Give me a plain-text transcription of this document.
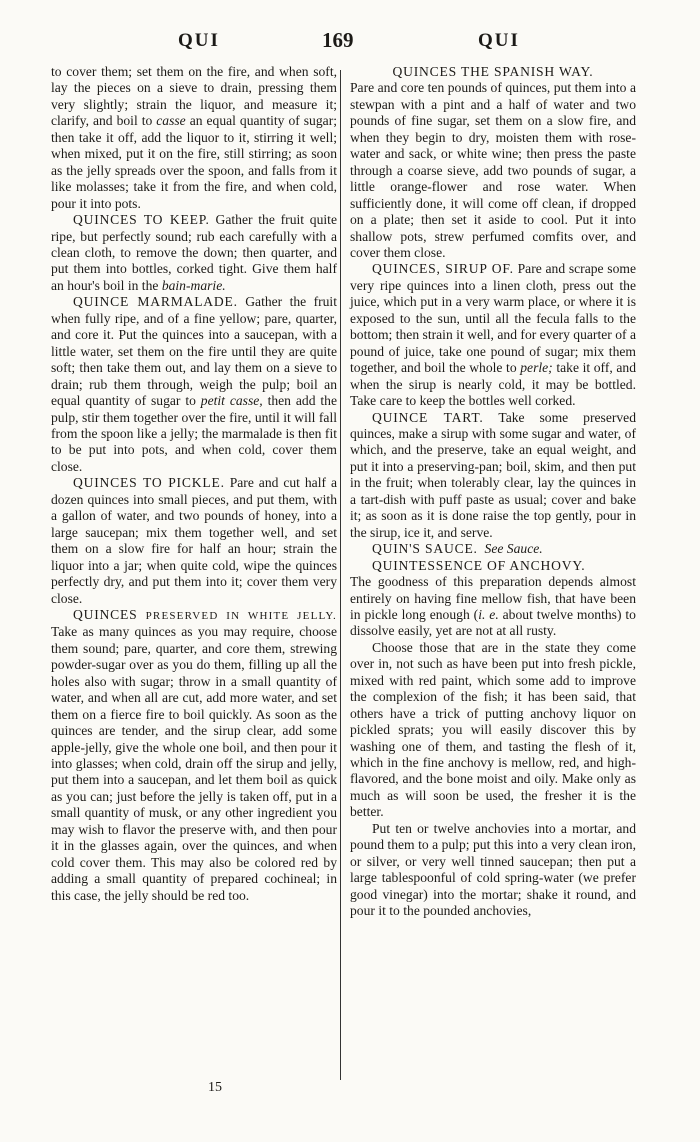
QUI	169	QUI

to cover them; set them on the fire, and when soft, lay the pieces on a sieve to drain, pressing them very slightly; strain the liquor, and measure it; clarify, and boil to casse an equal quantity of sugar; then take it off, add the liquor to it, stirring it well; when mixed, put it on the fire, still stirring; as soon as the jelly spreads over the spoon, and falls from it like molasses; take it from the fire, and when cold, pour it into pots.

QUINCES TO KEEP. Gather the fruit quite ripe, but perfectly sound; rub each carefully with a clean cloth, to remove the down; then quarter, and put them into bottles, corked tight. Give them half an hour's boil in the bain-marie.

QUINCE MARMALADE. Gather the fruit when fully ripe, and of a fine yellow; pare, quarter, and core it. Put the quinces into a saucepan, with a little water, set them on the fire until they are quite soft; then take them out, and lay them on a sieve to drain; rub them through, weigh the pulp; boil an equal quantity of sugar to petit casse, then add the pulp, stir them together over the fire, until it will fall from the spoon like a jelly; the marmalade is then fit to be put into pots, and when cold, cover them close.

QUINCES TO PICKLE. Pare and cut half a dozen quinces into small pieces, and put them, with a gallon of water, and two pounds of honey, into a large saucepan; mix them together well, and set them on a slow fire for half an hour; strain the liquor into a jar; when quite cold, wipe the quinces perfectly dry, and put them into it; cover them very close.

QUINCES PRESERVED IN WHITE JELLY. Take as many quinces as you may require, choose them sound; pare, quarter, and core them, strewing powder-sugar over as you do them, filling up all the holes also with sugar; throw in a small quantity of water, and when all are cut, add more water, and set them on a fierce fire to boil quickly. As soon as the quinces are tender, and the sirup clear, add some apple-jelly, give the whole one boil, and then pour it into glasses; when cold, drain off the sirup and jelly, put them into a saucepan, and let them boil as quick as you can; just before the jelly is taken off, put in a small quantity of musk, or any other ingredient you may wish to flavor the preserve with, and then pour it in the glasses again, over the quinces, and when cold cover them. This may also be colored red by adding a small quantity of prepared cochineal; in this case, the jelly should be red too.

QUINCES THE SPANISH WAY.
Pare and core ten pounds of quinces, put them into a stewpan with a pint and a half of water and two pounds of fine sugar, set them on a slow fire, and when they begin to dry, moisten them with rose-water and sack, or white wine; then press the paste through a coarse sieve, add two pounds of sugar, a little orange-flower and rose water. When sufficiently done, it will come off clean, if dropped on a plate; then set it aside to cool. Put it into shallow pots, strew perfumed comfits over, and cover them close.

QUINCES, SIRUP OF. Pare and scrape some very ripe quinces into a linen cloth, press out the juice, which put in a very warm place, or where it is exposed to the sun, until all the fecula falls to the bottom; then strain it well, and for every quarter of a pound of juice, take one pound of sugar; mix them together, and boil the whole to perle; take it off, and when the sirup is nearly cold, it may be bottled. Take care to keep the bottles well corked.

QUINCE TART. Take some preserved quinces, make a sirup with some sugar and water, of which, and the preserve, take an equal weight, and put it into a preserving-pan; boil, skim, and then put in the fruit; when tolerably clear, lay the quinces in a tart-dish with puff paste as usual; cover and bake it; as soon as it is done raise the top gently, pour in the sirup, ice it, and serve.

QUIN'S SAUCE. See Sauce.

QUINTESSENCE OF ANCHOVY.

The goodness of this preparation depends almost entirely on having fine mellow fish, that have been in pickle long enough (i. e. about twelve months) to dissolve easily, yet are not at all rusty.

Choose those that are in the state they come over in, not such as have been put into fresh pickle, mixed with red paint, which some add to improve the complexion of the fish; it has been said, that others have a trick of putting anchovy liquor on pickled sprats; you will easily discover this by washing one of them, and tasting the flesh of it, which in the fine anchovy is mellow, red, and high-flavored, and the bone moist and oily. Make only as much as will soon be used, the fresher it is the better.

Put ten or twelve anchovies into a mortar, and pound them to a pulp; put this into a very clean iron, or silver, or very well tinned saucepan; then put a large tablespoonful of cold spring-water (we prefer good vinegar) into the mortar; shake it round, and pour it to the pounded anchovies,

15
